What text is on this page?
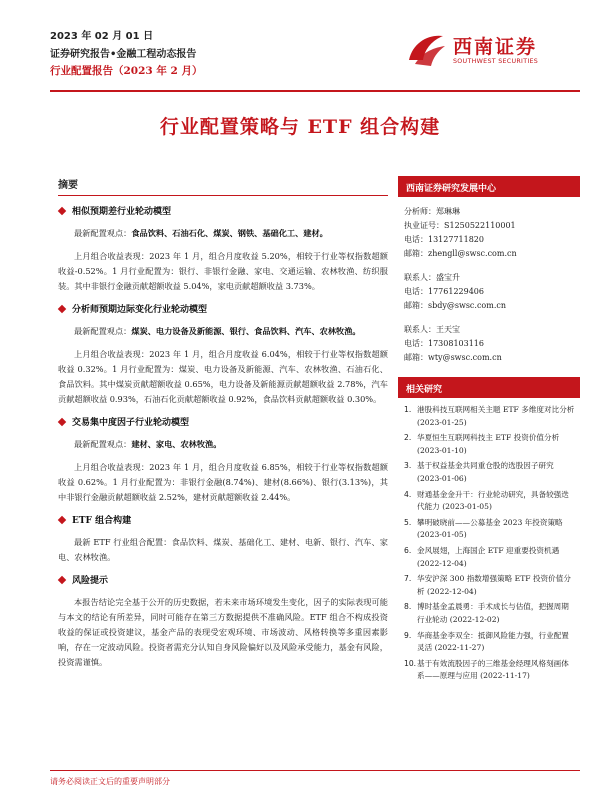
2023 年 02 月 01 日
证券研究报告•金融工程动态报告
行业配置报告（2023 年 2 月）
西南证券
SOUTHWEST SECURITIES
行业配置策略与 ETF 组合构建
摘要
相似预期差行业轮动模型

最新配置观点：食品饮料、石油石化、煤炭、钢铁、基础化工、建材。

上月组合收益表现：2023 年 1 月，组合月度收益 5.20%，相较于行业等权指数超额收益-0.52%。1 月行业配置为：银行、非银行金融、家电、交通运输、农林牧渔、纺织服装。其中非银行金融贡献超额收益 5.04%，家电贡献超额收益 3.73%。

分析师预期边际变化行业轮动模型

最新配置观点：煤炭、电力设备及新能源、银行、食品饮料、汽车、农林牧渔。

上月组合收益表现：2023 年 1 月，组合月度收益 6.04%，相较于行业等权指数超额收益 0.32%。1 月行业配置为：煤炭、电力设备及新能源、汽车、农林牧渔、石油石化、食品饮料。其中煤炭贡献超额收益 0.65%，电力设备及新能源贡献超额收益 2.78%，汽车贡献超额收益 0.93%，石油石化贡献超额收益 0.92%，食品饮料贡献超额收益 0.30%。

交易集中度因子行业轮动模型

最新配置观点：建材、家电、农林牧渔。

上月组合收益表现：2023 年 1 月，组合月度收益 6.85%，相较于行业等权指数超额收益 0.62%。1 月行业配置为：非银行金融(8.74%)、建材(8.66%)、银行(3.13%)，其中非银行金融贡献超额收益 2.52%，建材贡献超额收益 2.44%。

ETF 组合构建

最新 ETF 行业组合配置：食品饮料、煤炭、基础化工、建材、电新、银行、汽车、家电、农林牧渔。

风险提示

本报告结论完全基于公开的历史数据，若未来市场环境发生变化，因子的实际表现可能与本文的结论有所差异，同时可能存在第三方数据提供不准确风险。ETF 组合不构成投资收益的保证或投资建议，基金产品的表现受宏观环境、市场波动、风格转换等多重因素影响，存在一定波动风险。投资者需充分认知自身风险偏好以及风险承受能力，基金有风险，投资需谨慎。

西南证券研究发展中心
分析师：郑琳琳
执业证号：S1250522110001
电话：13127711820
邮箱：zhengll@swsc.com.cn
联系人：盛宝升
电话：17761229406
邮箱：sbdy@swsc.com.cn
联系人：王天宝
电话：17308103116
邮箱：wty@swsc.com.cn
相关研究
1. 港股科技互联网相关主题 ETF 多维度对比分析 (2023-01-25)
2. 华夏恒生互联网科技主 ETF 投资价值分析 (2023-01-10)
3. 基于权益基金共同重仓股的选股因子研究 (2023-01-06)
4. 财通基金金升干：行业轮动研究，具备较强迭代能力 (2023-01-05)
5. 攀明破晓前——公募基金 2023 年投资策略 (2023-01-05)
6. 金风展翅，上海国企 ETF 迎重要投资机遇 (2022-12-04)
7. 华安沪深 300 指数增强策略 ETF 投资价值分析 (2022-12-04)
8. 博时基金孟晨勇：手术成长与估值，把握周期行业轮动 (2022-12-02)
9. 华商基金李双全：抵御风险能力强，行业配置灵活 (2022-11-27)
10. 基于有效流股因子的三维基金经理风格刻画体系——原理与应用 (2022-11-17)
请务必阅读正文后的重要声明部分
